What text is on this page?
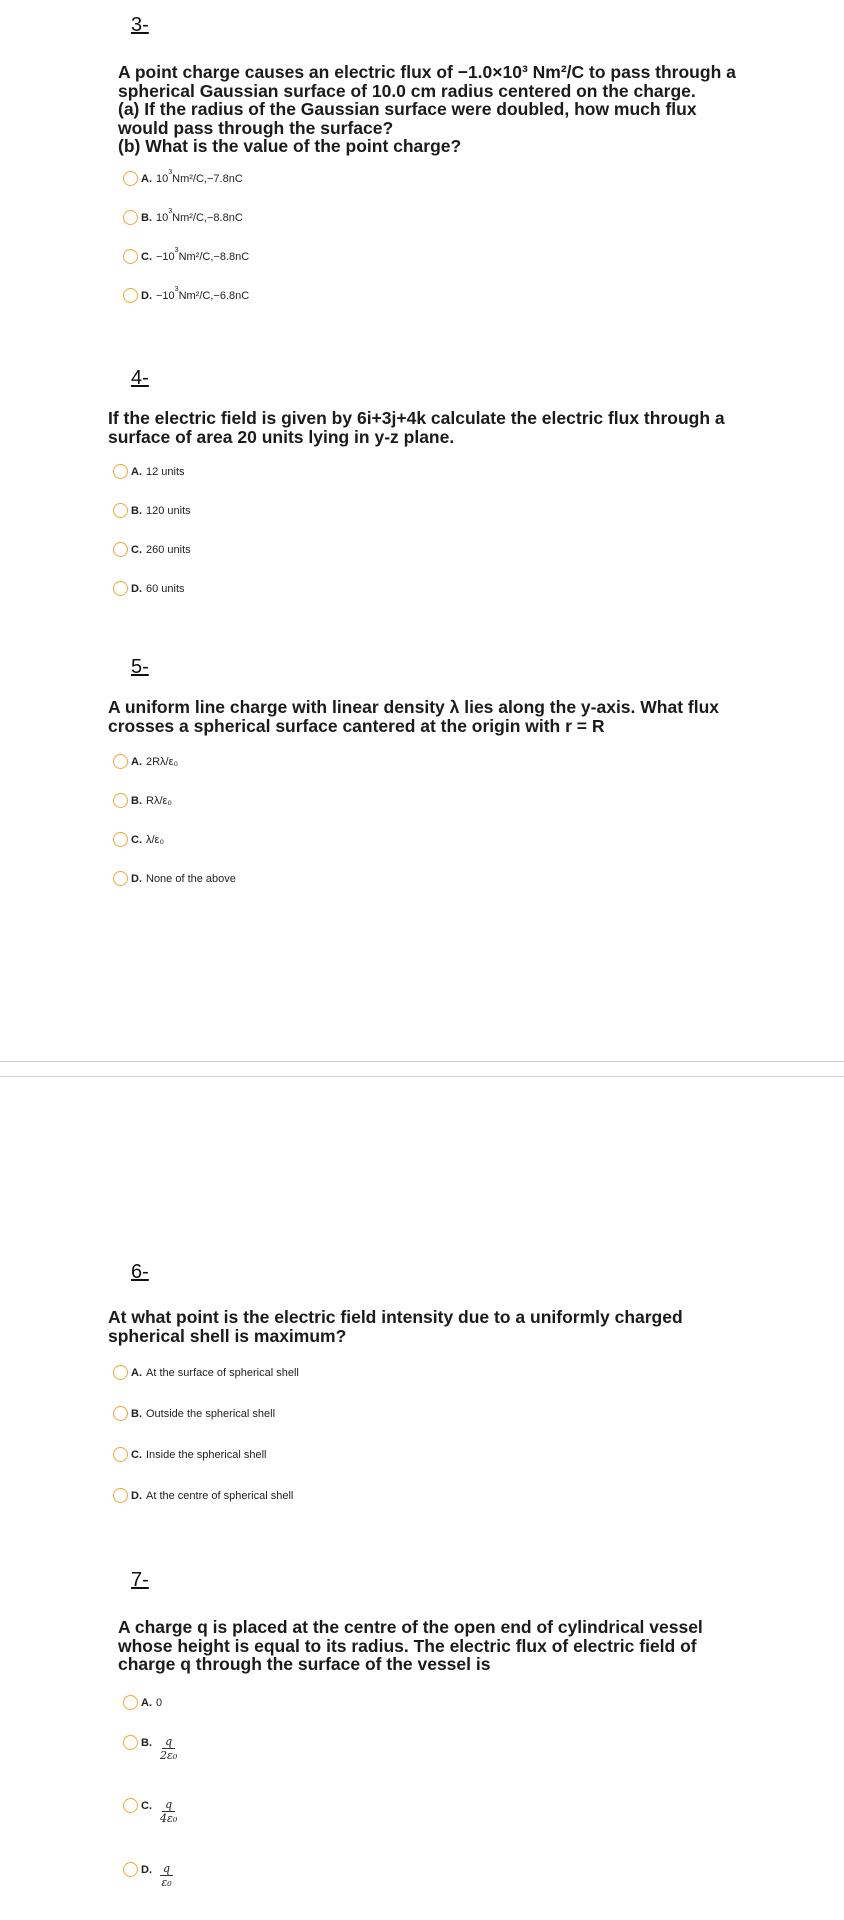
3-
A point charge causes an electric flux of −1.0×10³ Nm²/C to pass through a
spherical Gaussian surface of 10.0 cm radius centered on the charge.
(a) If the radius of the Gaussian surface were doubled, how much flux
would pass through the surface?
(b) What is the value of the point charge?
A. 10
3
Nm²/C,−7.8nC
B. 10
3
Nm²/C,−8.8nC
C. −10
3
Nm²/C,−8.8nC
D. −10
3
Nm²/C,−6.8nC
4-
If the electric field is given by 6i+3j+4k calculate the electric flux through a
surface of area 20 units lying in y-z plane.
A. 12 units
B. 120 units
C. 260 units
D. 60 units
5-
A uniform line charge with linear density λ lies along the y-axis. What flux
crosses a spherical surface cantered at the origin with r = R
A. 2Rλ/ε₀
B. Rλ/ε₀
C. λ/ε₀
D. None of the above
6-
At what point is the electric field intensity due to a uniformly charged
spherical shell is maximum?
A. At the surface of spherical shell
B. Outside the spherical shell
C. Inside the spherical shell
D. At the centre of spherical shell
7-
A charge q is placed at the centre of the open end of cylindrical vessel
whose height is equal to its radius. The electric flux of electric field of
charge q through the surface of the vessel is
A. 0
B. $\frac{q}{\text{2ε₀}}$
C. $\frac{q}{\text{4ε₀}}$
D. $\frac{q}{\text{ε₀}}$
